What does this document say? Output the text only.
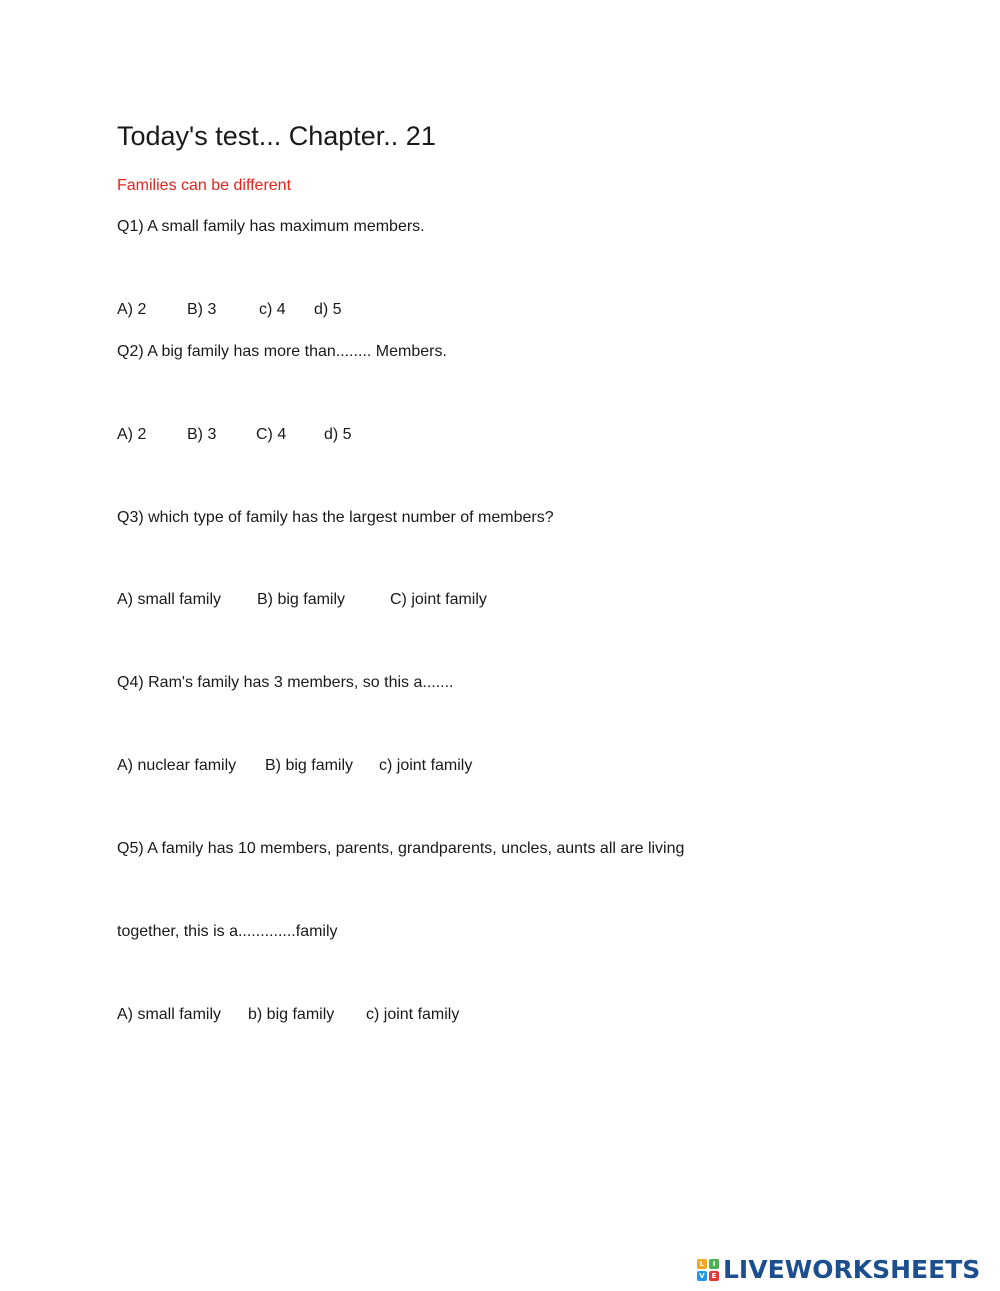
Today's test... Chapter.. 21
Families can be different
Q1) A small family has maximum members.
A) 2	B) 3	c) 4 d) 5
Q2) A big family has more than........ Members.
A) 2	B) 3 C) 4 d) 5
Q3) which type of family has the largest number of members?
A) small family B) big family	C) joint family
Q4) Ram's family has 3 members, so this a.......
A) nuclear family B) big family c) joint family
Q5) A family has 10 members, parents, grandparents, uncles, aunts all are living
together, this is a.............family
A) small family b) big family c) joint family
L	I
V E LIVEWORKSHEETS
